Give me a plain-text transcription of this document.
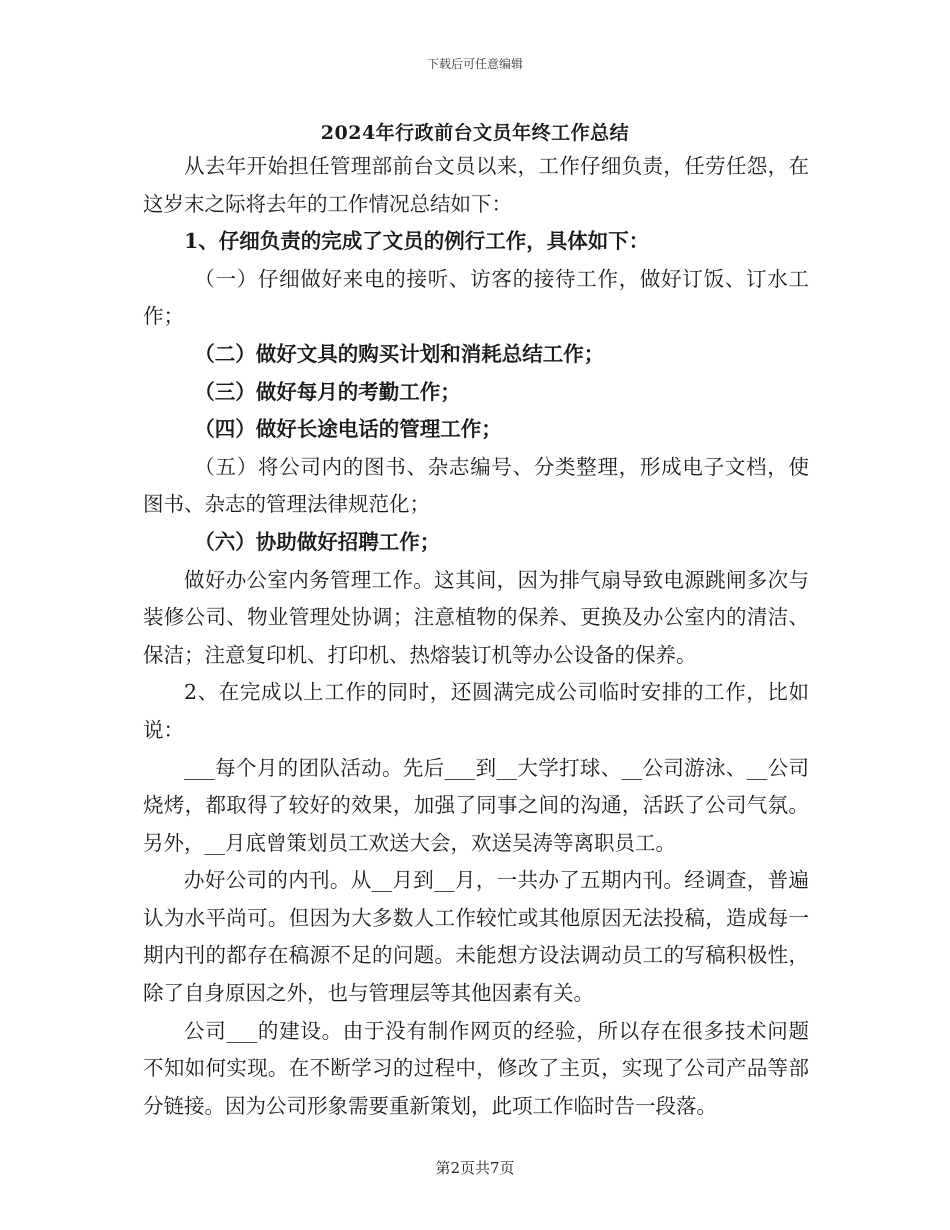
下载后可任意编辑
2024年行政前台文员年终工作总结

从去年开始担任管理部前台文员以来，工作仔细负责，任劳任怨，在这岁末之际将去年的工作情况总结如下：

1、仔细负责的完成了文员的例行工作，具体如下：

（一）仔细做好来电的接听、访客的接待工作，做好订饭、订水工作；

（二）做好文具的购买计划和消耗总结工作；

（三）做好每月的考勤工作；

（四）做好长途电话的管理工作；

（五）将公司内的图书、杂志编号、分类整理，形成电子文档，使图书、杂志的管理法律规范化；

（六）协助做好招聘工作；

做好办公室内务管理工作。这其间，因为排气扇导致电源跳闸多次与装修公司、物业管理处协调；注意植物的保养、更换及办公室内的清洁、保洁；注意复印机、打印机、热熔装订机等办公设备的保养。

2、在完成以上工作的同时，还圆满完成公司临时安排的工作，比如说：

___每个月的团队活动。先后___到__大学打球、__公司游泳、__公司烧烤，都取得了较好的效果，加强了同事之间的沟通，活跃了公司气氛。另外，__月底曾策划员工欢送大会，欢送吴涛等离职员工。

办好公司的内刊。从__月到__月，一共办了五期内刊。经调查，普遍认为水平尚可。但因为大多数人工作较忙或其他原因无法投稿，造成每一期内刊的都存在稿源不足的问题。未能想方设法调动员工的写稿积极性，除了自身原因之外，也与管理层等其他因素有关。

公司___的建设。由于没有制作网页的经验，所以存在很多技术问题不知如何实现。在不断学习的过程中，修改了主页，实现了公司产品等部分链接。因为公司形象需要重新策划，此项工作临时告一段落。

第2页共7页
